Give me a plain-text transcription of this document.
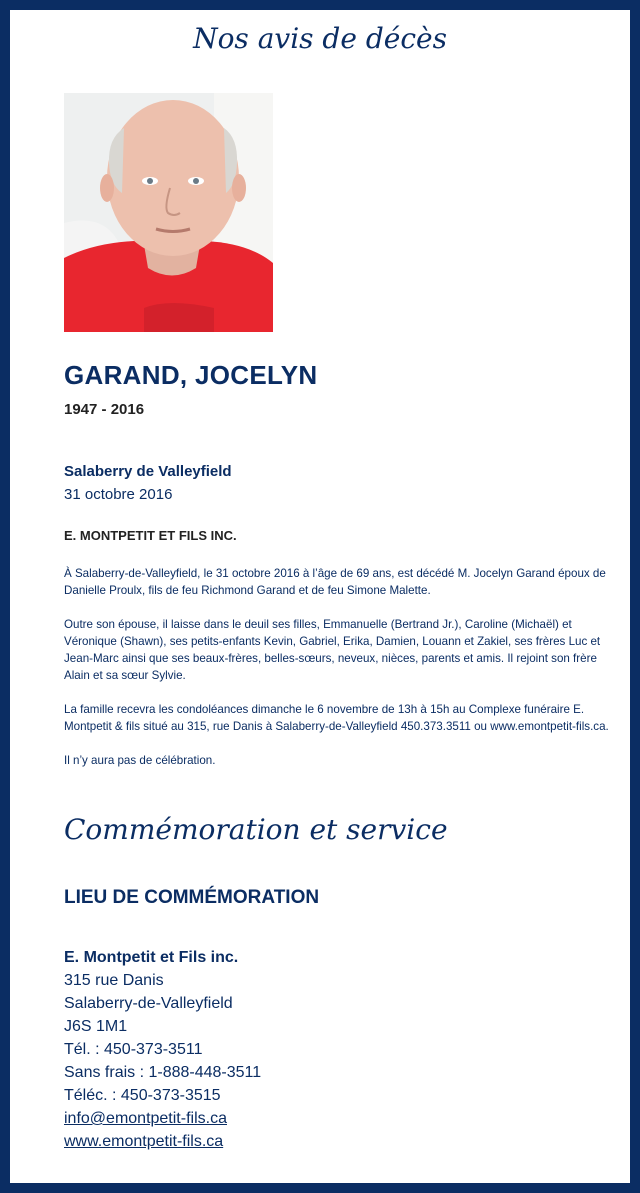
Nos avis de décès
GARAND, JOCELYN
1947 - 2016
Salaberry de Valleyfield
31 octobre 2016
E. MONTPETIT ET FILS INC.

À Salaberry-de-Valleyfield, le 31 octobre 2016 à l’âge de 69 ans, est décédé M. Jocelyn Garand époux de Danielle Proulx, fils de feu Richmond Garand et de feu Simone Malette.

Outre son épouse, il laisse dans le deuil ses filles, Emmanuelle (Bertrand Jr.), Caroline (Michaël) et Véronique (Shawn), ses petits-enfants Kevin, Gabriel, Erika, Damien, Louann et Zakiel, ses frères Luc et Jean-Marc ainsi que ses beaux-frères, belles-sœurs, neveux, nièces, parents et amis. Il rejoint son frère Alain et sa sœur Sylvie.

La famille recevra les condoléances dimanche le 6 novembre de 13h à 15h au Complexe funéraire E. Montpetit & fils situé au 315, rue Danis à Salaberry-de-Valleyfield 450.373.3511 ou www.emontpetit-fils.ca.

Il n’y aura pas de célébration.

Commémoration et service
LIEU DE COMMÉMORATION
E. Montpetit et Fils inc.
315 rue Danis
Salaberry-de-Valleyfield
J6S 1M1
Tél. : 450-373-3511
Sans frais : 1-888-448-3511
Téléc. : 450-373-3515
info@emontpetit-fils.ca
www.emontpetit-fils.ca
